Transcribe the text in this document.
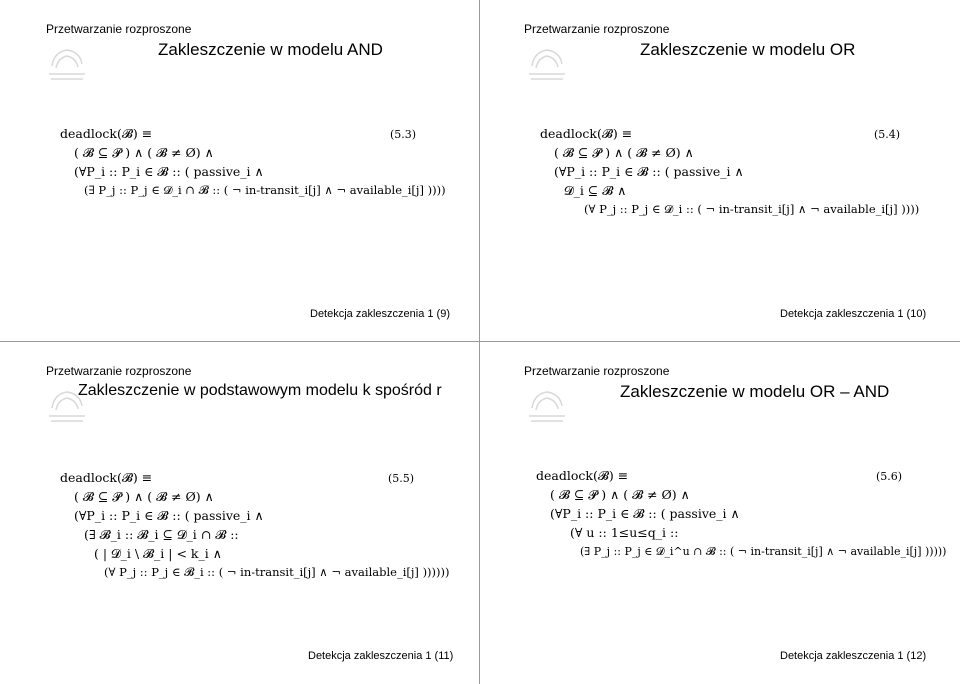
Przetwarzanie rozproszone
Zakleszczenie w modelu AND
deadlock(𝓑) ≡
( 𝓑 ⊆ 𝓟 ) ∧ ( 𝓑 ≠ Ø) ∧
(∀P_i :: P_i ∈ 𝓑 :: ( passive_i ∧
(∃ P_j :: P_j ∈ 𝓓_i ∩ 𝓑 :: ( ¬ in-transit_i[j] ∧ ¬ available_i[j] ))))
(5.3)
Detekcja zakleszczenia 1 (9)
Przetwarzanie rozproszone
Zakleszczenie w modelu OR
deadlock(𝓑) ≡
( 𝓑 ⊆ 𝓟 ) ∧ ( 𝓑 ≠ Ø) ∧
(∀P_i :: P_i ∈ 𝓑 :: ( passive_i ∧
𝓓_i ⊆ 𝓑 ∧
(∀ P_j :: P_j ∈ 𝓓_i :: ( ¬ in-transit_i[j] ∧ ¬ available_i[j] ))))
(5.4)
Detekcja zakleszczenia 1 (10)
Przetwarzanie rozproszone
Zakleszczenie w podstawowym modelu k spośród r
deadlock(𝓑) ≡
( 𝓑 ⊆ 𝓟 ) ∧ ( 𝓑 ≠ Ø) ∧
(∀P_i :: P_i ∈ 𝓑 :: ( passive_i ∧
(∃ 𝓑_i :: 𝓑_i ⊆ 𝓓_i ∩ 𝓑 ::
( | 𝓓_i \ 𝓑_i | < k_i ∧
(∀ P_j :: P_j ∈ 𝓑_i :: ( ¬ in-transit_i[j] ∧ ¬ available_i[j] ))))))
(5.5)
Detekcja zakleszczenia 1 (11)
Przetwarzanie rozproszone
Zakleszczenie w modelu OR – AND
deadlock(𝓑) ≡
( 𝓑 ⊆ 𝓟 ) ∧ ( 𝓑 ≠ Ø) ∧
(∀P_i :: P_i ∈ 𝓑 :: ( passive_i ∧
(∀ u :: 1≤u≤q_i ::
(∃ P_j :: P_j ∈ 𝓓_i^u ∩ 𝓑 :: ( ¬ in-transit_i[j] ∧ ¬ available_i[j] )))))
(5.6)
Detekcja zakleszczenia 1 (12)
